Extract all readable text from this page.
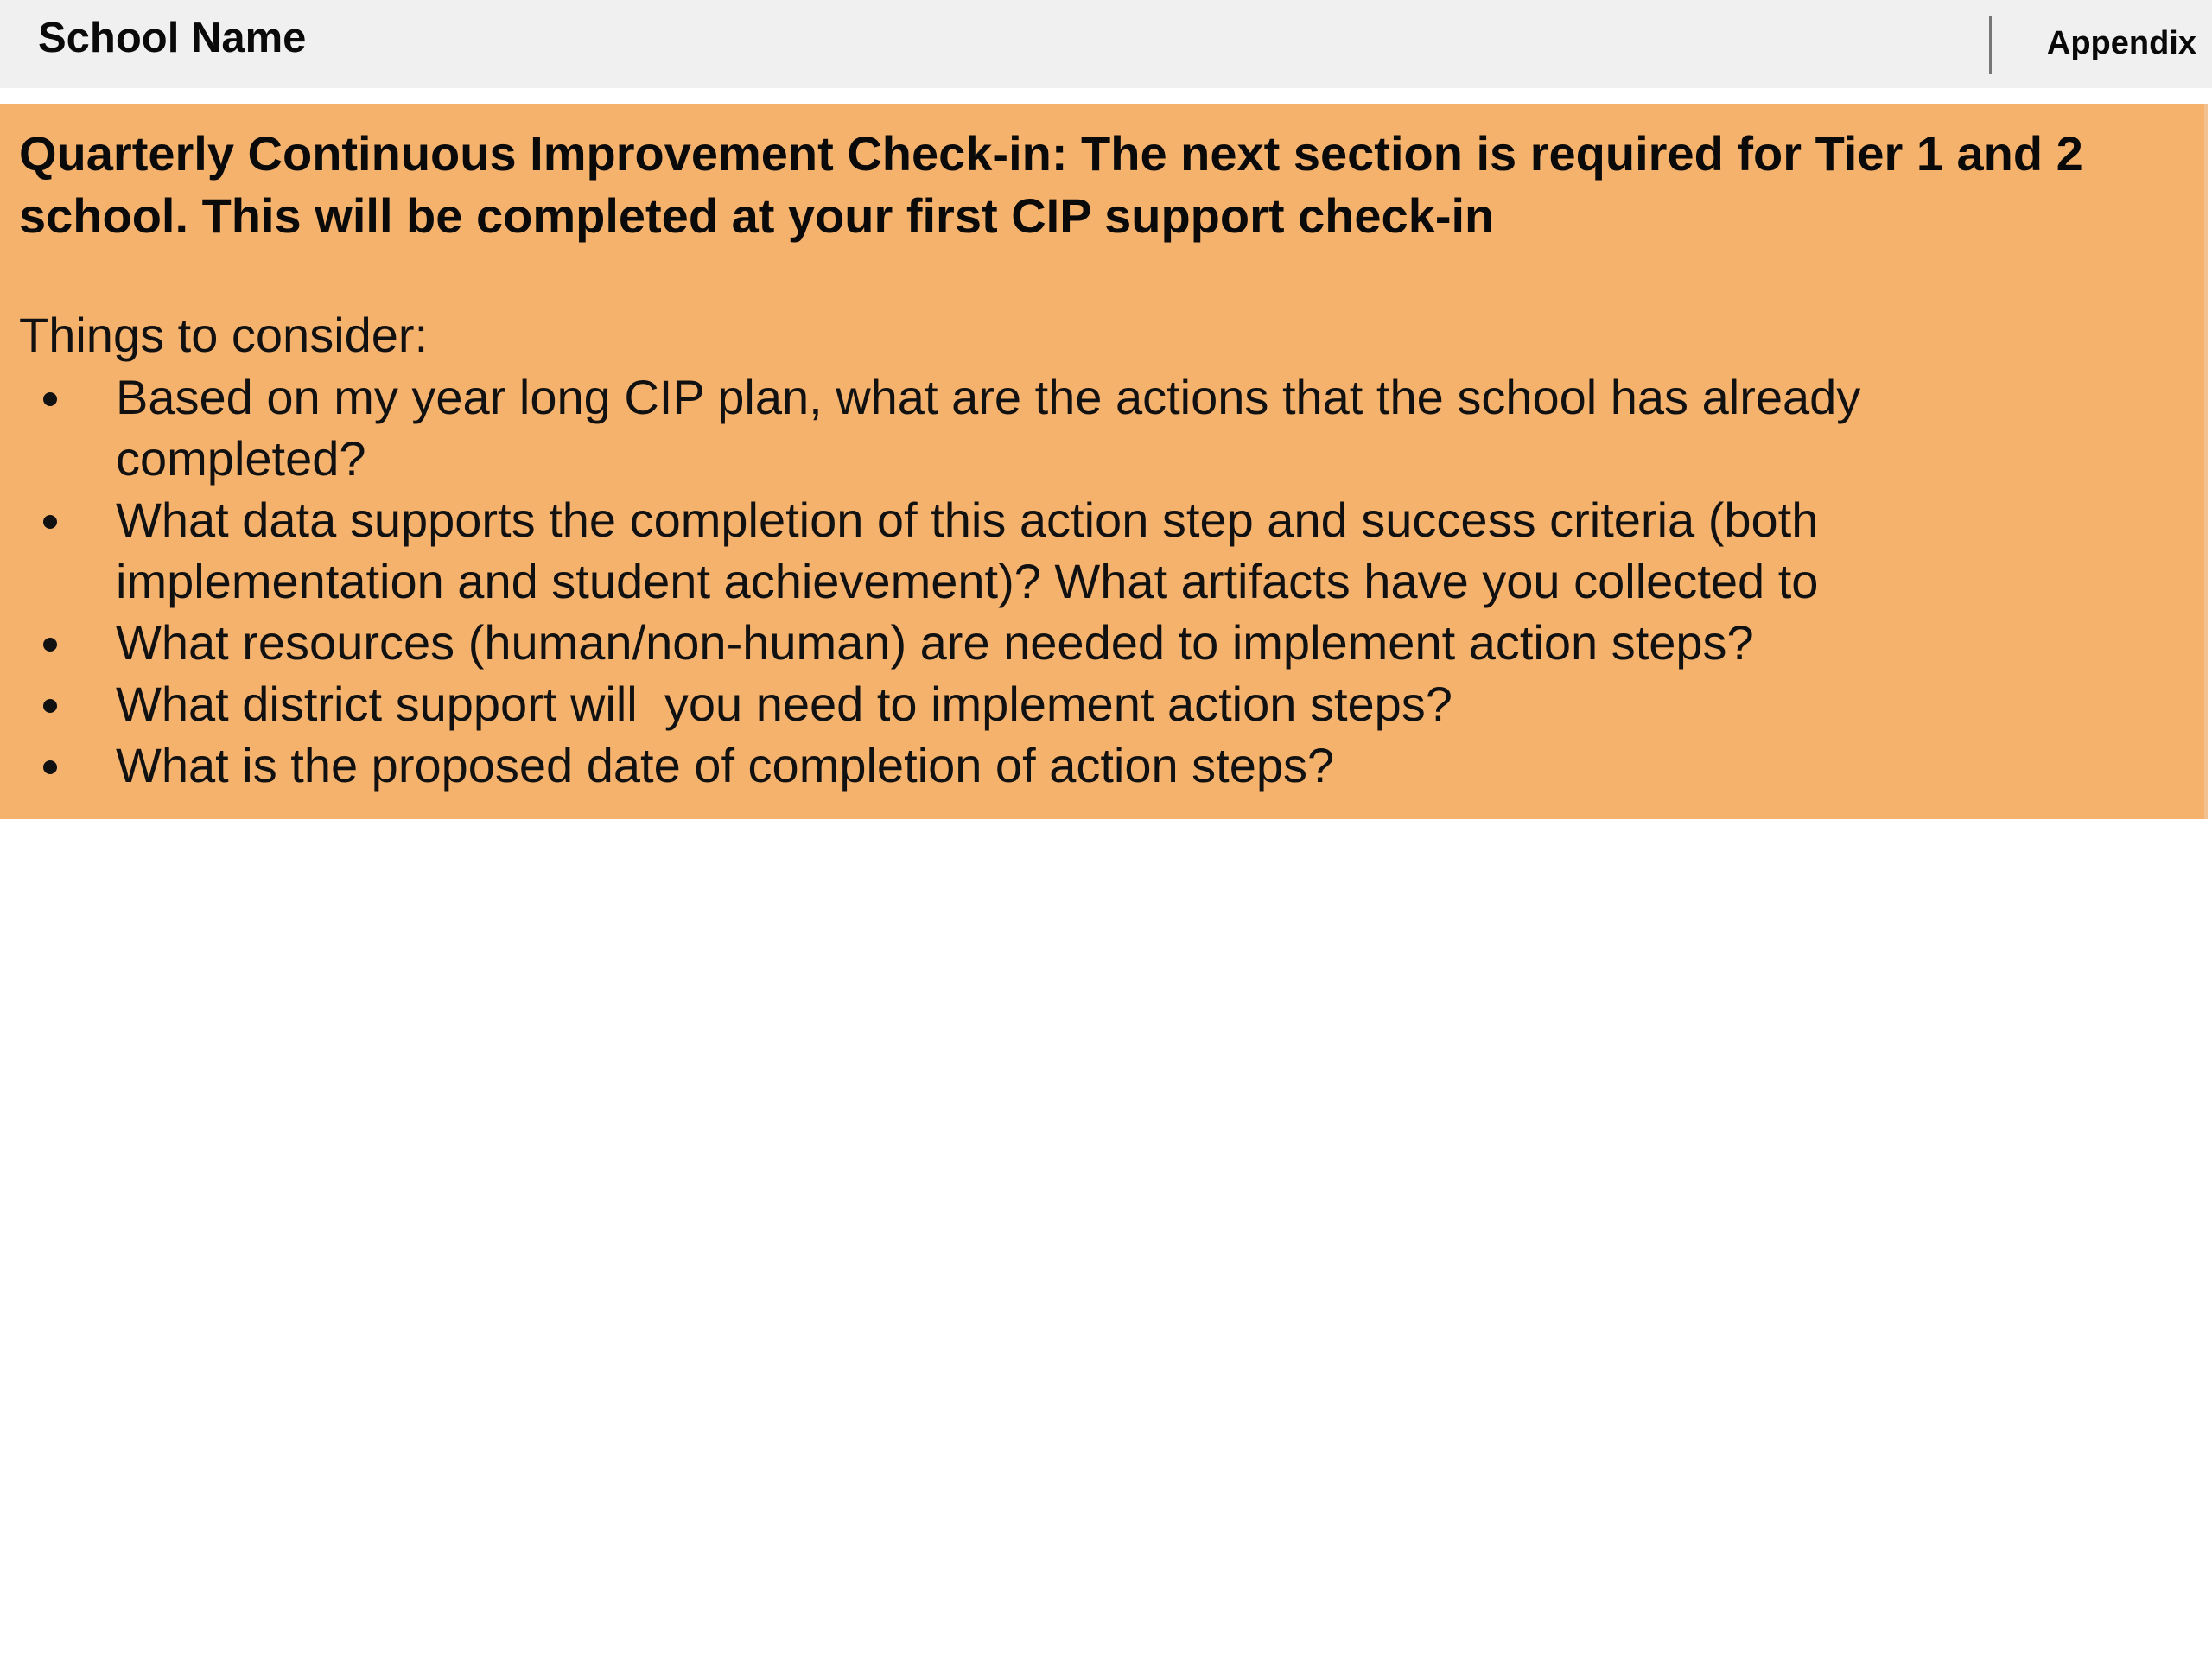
School Name	Appendix

Quarterly Continuous Improvement Check-in: The next section is required for Tier 1 and 2 school. This will be completed at your first CIP support check-in

Things to consider:
Based on my year long CIP plan, what are the actions that the school has already completed?
What data supports the completion of this action step and success criteria (both implementation and student achievement)? What artifacts have you collected to
What resources (human/non-human) are needed to implement action steps?
What district support will  you need to implement action steps?
What is the proposed date of completion of action steps?
